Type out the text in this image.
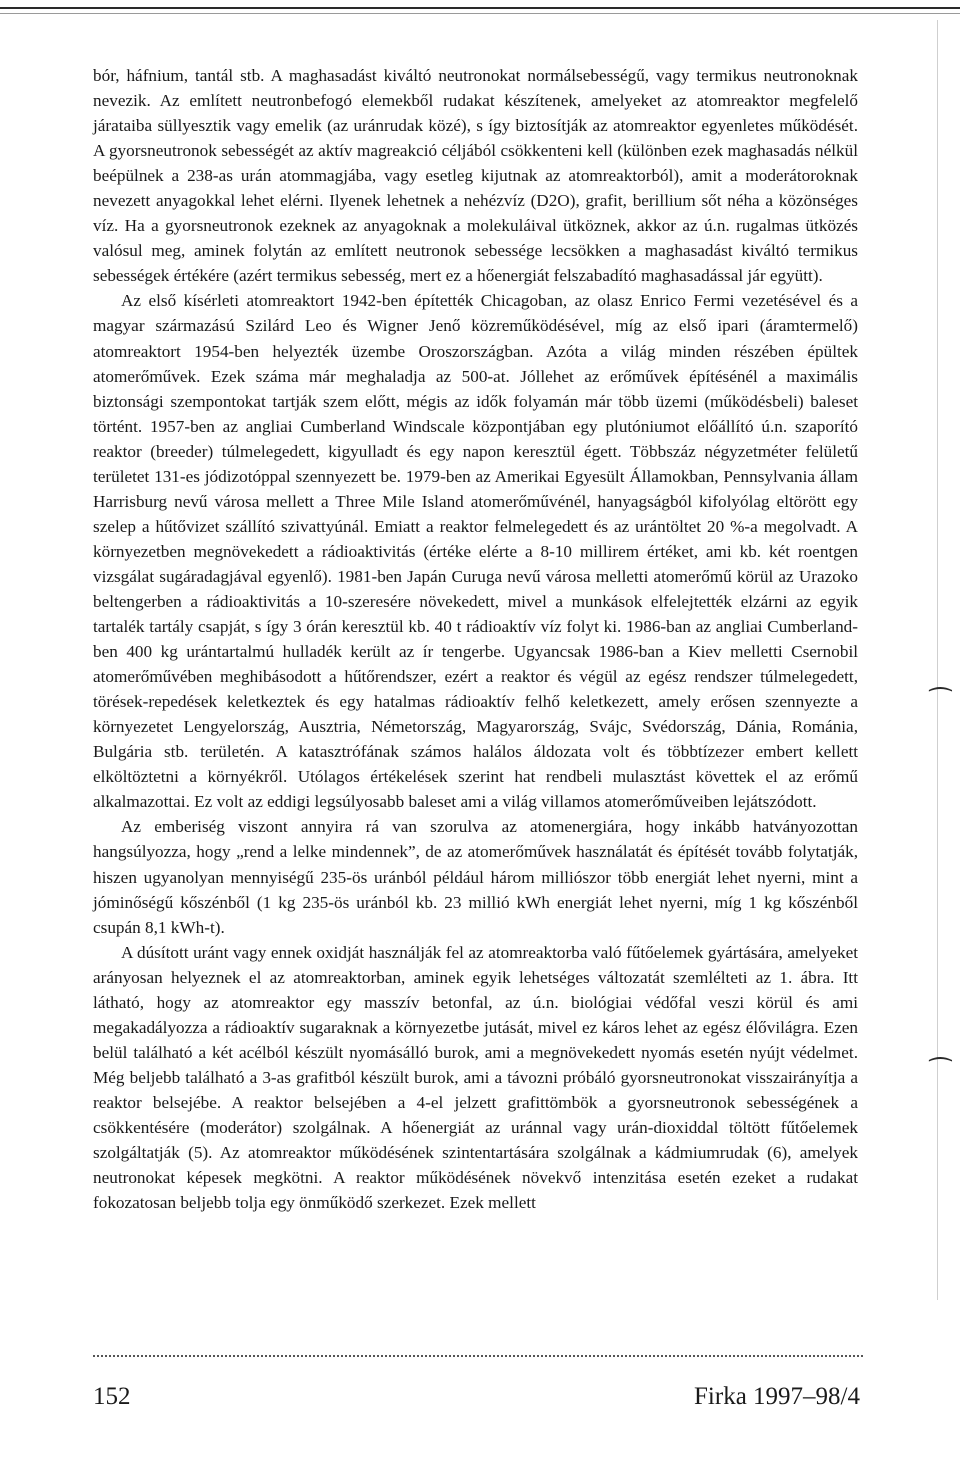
bór, háfnium, tantál stb. A maghasadást kiváltó neutronokat normálsebességű, vagy termikus neutronoknak nevezik. Az említett neutronbefogó elemekből rudakat készítenek, amelyeket az atomreaktor megfelelő járataiba süllyesztik vagy emelik (az uránrudak közé), s így biztosítják az atomreaktor egyenletes működését. A gyorsneutronok sebességét az aktív magreakció céljából csökkenteni kell (különben ezek maghasadás nélkül beépülnek a 238-as urán atommagjába, vagy esetleg kijutnak az atomreaktorból), amit a moderátoroknak nevezett anyagokkal lehet elérni. Ilyenek lehetnek a nehézvíz (D2O), grafit, berillium sőt néha a közönséges víz. Ha a gyorsneutronok ezeknek az anyagoknak a molekuláival ütköznek, akkor az ú.n. rugalmas ütközés valósul meg, aminek folytán az említett neutronok sebessége lecsökken a maghasadást kiváltó termikus sebességek értékére (azért termikus sebesség, mert ez a hőenergiát felszabadító maghasadással jár együtt).

Az első kísérleti atomreaktort 1942-ben építették Chicagoban, az olasz Enrico Fermi vezetésével és a magyar származású Szilárd Leo és Wigner Jenő közreműködésével, míg az első ipari (áramtermelő) atomreaktort 1954-ben helyezték üzembe Oroszországban. Azóta a világ minden részében épültek atomerőművek. Ezek száma már meghaladja az 500-at. Jóllehet az erőművek építésénél a maximális biztonsági szempontokat tartják szem előtt, mégis az idők folyamán már több üzemi (működésbeli) baleset történt. 1957-ben az angliai Cumberland Windscale központjában egy plutóniumot előállító ú.n. szaporító reaktor (breeder) túlmelegedett, kigyulladt és egy napon keresztül égett. Többszáz négyzetméter felületű területet 131-es jódizotóppal szennyezett be. 1979-ben az Amerikai Egyesült Államokban, Pennsylvania állam Harrisburg nevű városa mellett a Three Mile Island atomerőművénél, hanyagságból kifolyólag eltörött egy szelep a hűtővizet szállító szivattyúnál. Emiatt a reaktor felmelegedett és az urántöltet 20 %-a megolvadt. A környezetben megnövekedett a rádioaktivitás (értéke elérte a 8-10 millirem értéket, ami kb. két roentgen vizsgálat sugáradagjával egyenlő). 1981-ben Japán Curuga nevű városa melletti atomerőmű körül az Urazoko beltengerben a rádioaktivitás a 10-szeresére növekedett, mivel a munkások elfelejtették elzárni az egyik tartalék tartály csapját, s így 3 órán keresztül kb. 40 t rádioaktív víz folyt ki. 1986-ban az angliai Cumberland-ben 400 kg urántartalmú hulladék került az ír tengerbe. Ugyancsak 1986-ban a Kiev melletti Csernobil atomerőművében meghibásodott a hűtőrendszer, ezért a reaktor és végül az egész rendszer túlmelegedett, törések-repedések keletkeztek és egy hatalmas rádioaktív felhő keletkezett, amely erősen szennyezte a környezetet Lengyelország, Ausztria, Németország, Magyarország, Svájc, Svédország, Dánia, Románia, Bulgária stb. területén. A katasztrófának számos halálos áldozata volt és többtízezer embert kellett elköltöztetni a környékről. Utólagos értékelések szerint hat rendbeli mulasztást követtek el az erőmű alkalmazottai. Ez volt az eddigi legsúlyosabb baleset ami a világ villamos atomerőműveiben lejátszódott.

Az emberiség viszont annyira rá van szorulva az atomenergiára, hogy inkább hatványozottan hangsúlyozza, hogy „rend a lelke mindennek”, de az atomerőművek használatát és építését tovább folytatják, hiszen ugyanolyan mennyiségű 235-ös uránból például három milliószor több energiát lehet nyerni, mint a jóminőségű kőszénből (1 kg 235-ös uránból kb. 23 millió kWh energiát lehet nyerni, míg 1 kg kőszénből csupán 8,1 kWh-t).

A dúsított uránt vagy ennek oxidját használják fel az atomreaktorba való fűtőelemek gyártására, amelyeket arányosan helyeznek el az atomreaktorban, aminek egyik lehetséges változatát szemlélteti az 1. ábra. Itt látható, hogy az atomreaktor egy masszív betonfal, az ú.n. biológiai védőfal veszi körül és ami megakadályozza a rádioaktív sugaraknak a környezetbe jutását, mivel ez káros lehet az egész élővilágra. Ezen belül található a két acélból készült nyomásálló burok, ami a megnövekedett nyomás esetén nyújt védelmet. Még beljebb található a 3-as grafitból készült burok, ami a távozni próbáló gyorsneutronokat visszairányítja a reaktor belsejébe. A reaktor belsejében a 4-el jelzett grafittömbök a gyorsneutronok sebességének a csökkentésére (moderátor) szolgálnak. A hőenergiát az uránnal vagy urán-dioxiddal töltött fűtőelemek szolgáltatják (5). Az atomreaktor működésének szintentartására szolgálnak a kádmiumrudak (6), amelyek neutronokat képesek megkötni. A reaktor működésének növekvő intenzitása esetén ezeket a rudakat fokozatosan beljebb tolja egy önműködő szerkezet. Ezek mellett

⁀
⁀
152	Firka 1997–98/4
